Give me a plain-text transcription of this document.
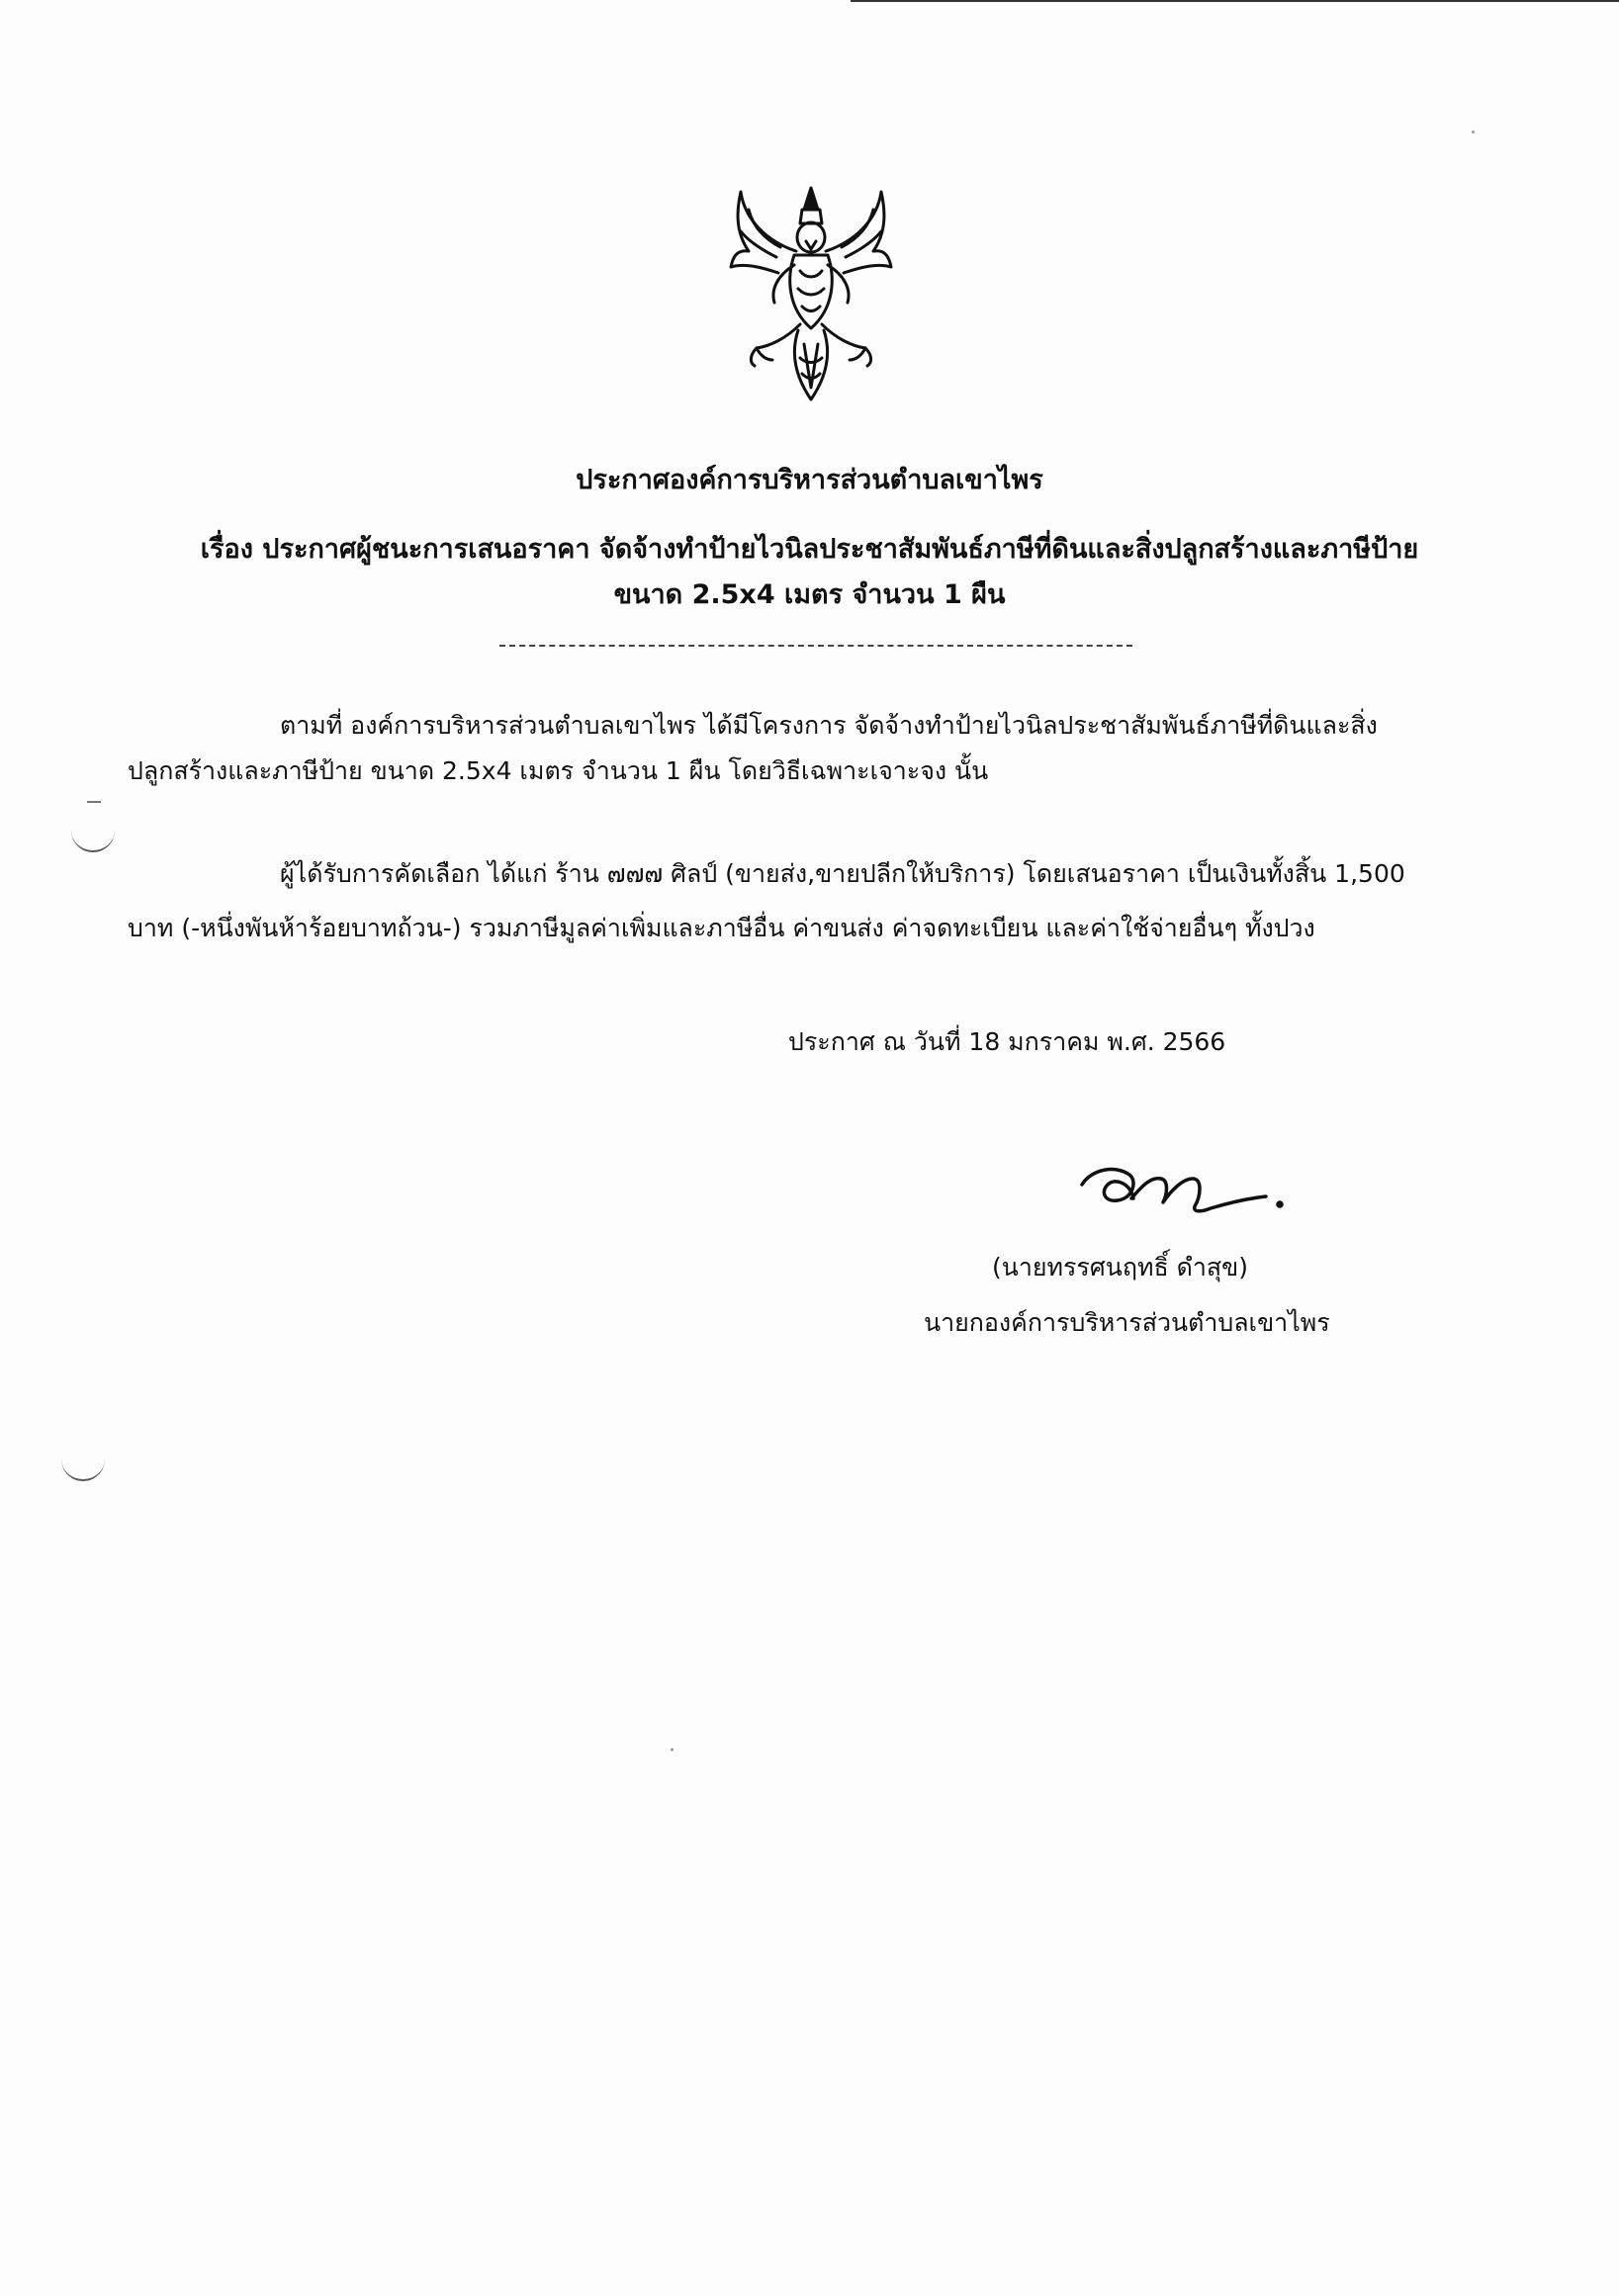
ประกาศองค์การบริหารส่วนตำบลเขาไพร
เรื่อง ประกาศผู้ชนะการเสนอราคา จัดจ้างทำป้ายไวนิลประชาสัมพันธ์ภาษีที่ดินและสิ่งปลูกสร้างและภาษีป้าย
ขนาด 2.5x4 เมตร จำนวน 1 ผืน
ตามที่ องค์การบริหารส่วนตำบลเขาไพร ได้มีโครงการ จัดจ้างทำป้ายไวนิลประชาสัมพันธ์ภาษีที่ดินและสิ่ง
ปลูกสร้างและภาษีป้าย ขนาด 2.5x4 เมตร จำนวน 1 ผืน โดยวิธีเฉพาะเจาะจง นั้น
ผู้ได้รับการคัดเลือก ได้แก่ ร้าน ๗๗๗ ศิลป์ (ขายส่ง,ขายปลีกให้บริการ) โดยเสนอราคา เป็นเงินทั้งสิ้น 1,500
บาท (-หนึ่งพันห้าร้อยบาทถ้วน-) รวมภาษีมูลค่าเพิ่มและภาษีอื่น ค่าขนส่ง ค่าจดทะเบียน และค่าใช้จ่ายอื่นๆ ทั้งปวง
ประกาศ ณ วันที่ 18 มกราคม พ.ศ. 2566
(นายทรรศนฤทธิ์ ดำสุข)
นายกองค์การบริหารส่วนตำบลเขาไพร
